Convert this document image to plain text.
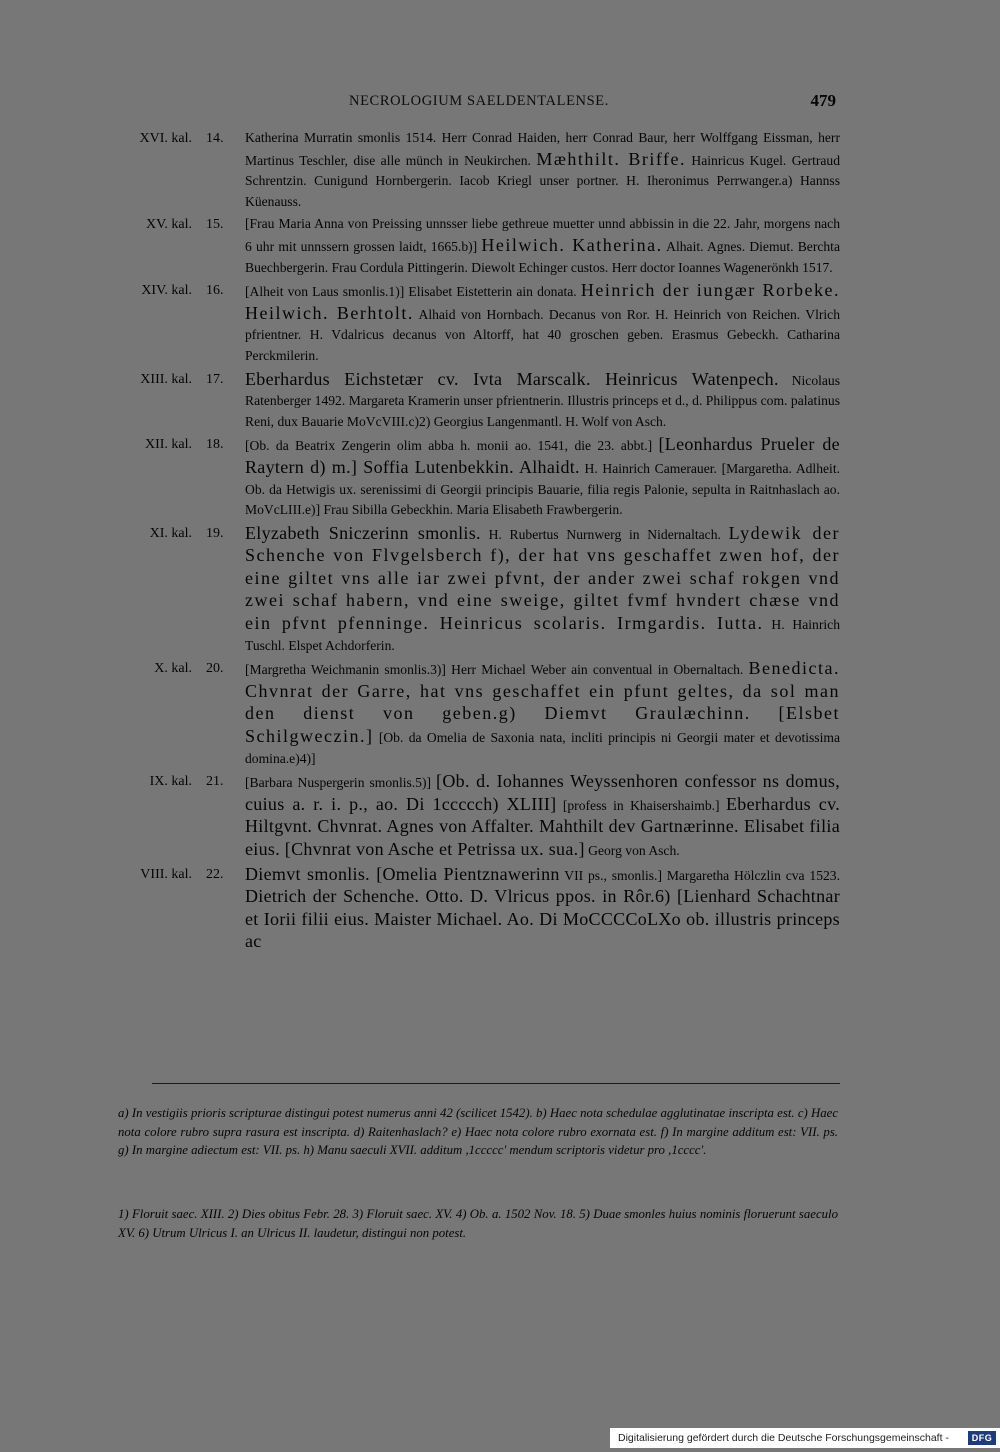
NECROLOGIUM SAELDENTALENSE.	479
XVI. kal. 14.	Katherina Murratin smonlis 1514. Herr Conrad Haiden, herr Conrad Baur, herr Wolffgang Eissman, herr Martinus Teschler, dise alle münch in Neukirchen. Mæhthilt. Briffe. Hainricus Kugel. Gertraud Schrentzin. Cunigund Hornbergerin. Iacob Kriegl unser portner. H. Iheronimus Perrwanger.a) Hannss Küenauss.
XV. kal. 15.	[Frau Maria Anna von Preissing unnsser liebe gethreue muetter unnd abbissin in die 22. Jahr, morgens nach 6 uhr mit unnssern grossen laidt, 1665.b)] Heilwich. Katherina. Alhait. Agnes. Diemut. Berchta Buechbergerin. Frau Cordula Pittingerin. Diewolt Echinger custos. Herr doctor Ioannes Wagenerönkh 1517.
XIV. kal. 16.	[Alheit von Laus smonlis.1)] Elisabet Eistetterin ain donata. Heinrich der iungær Rorbeke. Heilwich. Berhtolt. Alhaid von Hornbach. Decanus von Ror. H. Heinrich von Reichen. Vlrich pfrientner. H. Vdalricus decanus von Altorff, hat 40 groschen geben. Erasmus Gebeckh. Catharina Perckmilerin.
XIII. kal. 17.	Eberhardus Eichstetær cv. Ivta Marscalk. Heinricus Watenpech. Nicolaus Ratenberger 1492. Margareta Kramerin unser pfrientnerin. Illustris princeps et d., d. Philippus com. palatinus Reni, dux Bauarie MoVcVIII.c)2) Georgius Langenmantl. H. Wolf von Asch.
XII. kal. 18.	[Ob. da Beatrix Zengerin olim abba h. monii ao. 1541, die 23. abbt.] [Leonhardus Prueler de Raytern d) m.] Soffia Lutenbekkin. Alhaidt. H. Hainrich Camerauer. [Margaretha. Adlheit. Ob. da Hetwigis ux. serenissimi di Georgii principis Bauarie, filia regis Palonie, sepulta in Raitnhaslach ao. MoVcLIII.e)] Frau Sibilla Gebeckhin. Maria Elisabeth Frawbergerin.
XI. kal. 19.	Elyzabeth Sniczerinn smonlis. H. Rubertus Nurnwerg in Nidernaltach. Lydewik der Schenche von Flvgelsberch f), der hat vns geschaffet zwen hof, der eine giltet vns alle iar zwei pfvnt, der ander zwei schaf rokgen vnd zwei schaf habern, vnd eine sweige, giltet fvmf hvndert chæse vnd ein pfvnt pfenninge. Heinricus scolaris. Irmgardis. Iutta. H. Hainrich Tuschl. Elspet Achdorferin.
X. kal. 20.	[Margretha Weichmanin smonlis.3)] Herr Michael Weber ain conventual in Obernaltach. Benedicta. Chvnrat der Garre, hat vns geschaffet ein pfunt geltes, da sol man den dienst von geben.g) Diemvt Graulæchinn. [Elsbet Schilgweczin.] [Ob. da Omelia de Saxonia nata, incliti principis ni Georgii mater et devotissima domina.e)4)]
IX. kal. 21.	[Barbara Nuspergerin smonlis.5)] [Ob. d. Iohannes Weyssenhoren confessor ns domus, cuius a. r. i. p., ao. Di 1ccccch) XLIII] [profess in Khaisershaimb.] Eberhardus cv. Hiltgvnt. Chvnrat. Agnes von Affalter. Mahthilt dev Gartnærinne. Elisabet filia eius. [Chvnrat von Asche et Petrissa ux. sua.] Georg von Asch.
VIII. kal. 22.	Diemvt smonlis. [Omelia Pientznawerinn VII ps., smonlis.] Margaretha Hölczlin cva 1523. Dietrich der Schenche. Otto. D. Vlricus ppos. in Rôr.6) [Lienhard Schachtnar et Iorii filii eius. Maister Michael. Ao. Di MoCCCCoLXo ob. illustris princeps ac
a) In vestigiis prioris scripturae distingui potest numerus anni 42 (scilicet 1542). b) Haec nota schedulae agglutinatae inscripta est. c) Haec nota colore rubro supra rasura est inscripta. d) Raitenhaslach? e) Haec nota colore rubro exornata est. f) In margine additum est: VII. ps. g) In margine adiectum est: VII. ps. h) Manu saeculi XVII. additum ,1ccccc' mendum scriptoris videtur pro ,1cccc'.
1) Floruit saec. XIII. 2) Dies obitus Febr. 28. 3) Floruit saec. XV. 4) Ob. a. 1502 Nov. 18. 5) Duae smonles huius nominis floruerunt saeculo XV. 6) Utrum Ulricus I. an Ulricus II. laudetur, distingui non potest.
Digitalisierung gefördert durch die Deutsche Forschungsgemeinschaft -	DFG
